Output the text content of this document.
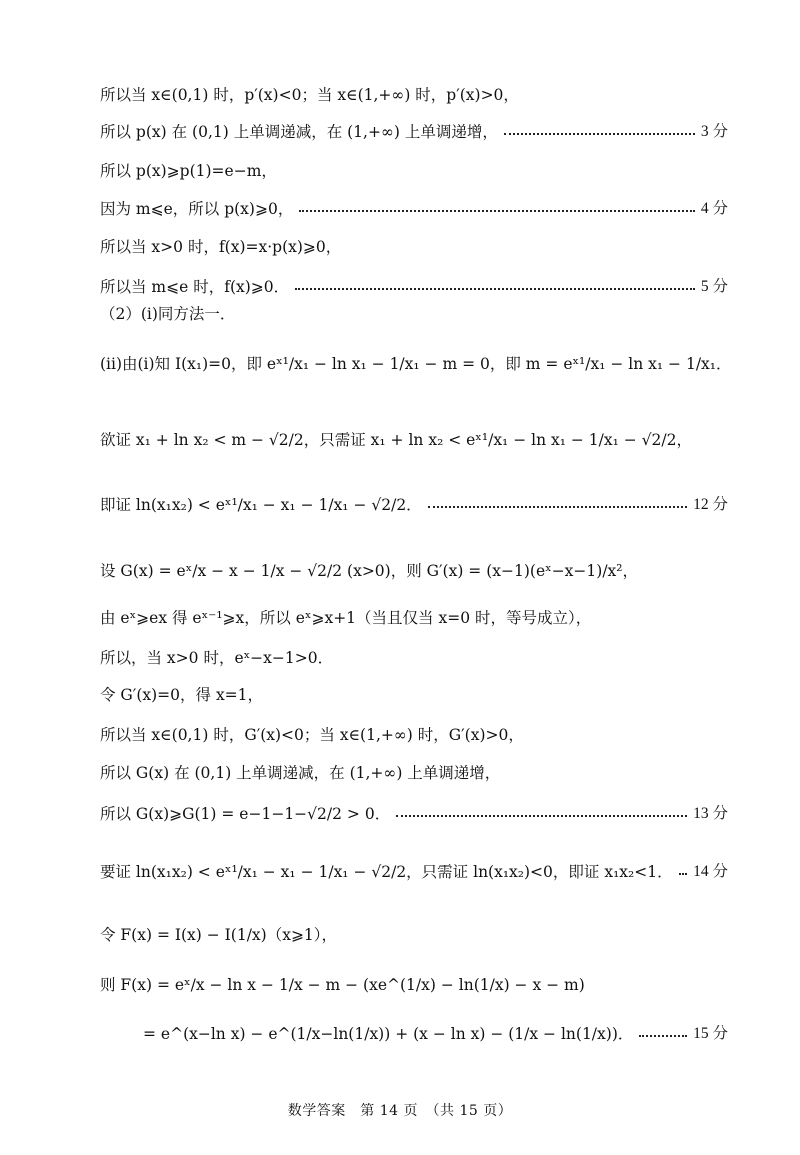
所以当 x∈(0,1) 时，p′(x)<0；当 x∈(1,+∞) 时，p′(x)>0，
所以 p(x) 在 (0,1) 上单调递减，在 (1,+∞) 上单调递增，	3 分
所以 p(x)⩾p(1)=e−m，
因为 m⩽e，所以 p(x)⩾0，	4 分
所以当 x>0 时，f(x)=x·p(x)⩾0，
所以当 m⩽e 时，f(x)⩾0．	5 分
（2）(i)同方法一．
(ii)由(i)知 I(x₁)=0，即 eˣ¹/x₁ − ln x₁ − 1/x₁ − m = 0，即 m = eˣ¹/x₁ − ln x₁ − 1/x₁．
欲证 x₁ + ln x₂ < m − √2/2，只需证 x₁ + ln x₂ < eˣ¹/x₁ − ln x₁ − 1/x₁ − √2/2，
即证 ln(x₁x₂) < eˣ¹/x₁ − x₁ − 1/x₁ − √2/2．	12 分
设 G(x) = eˣ/x − x − 1/x − √2/2 (x>0)，则 G′(x) = (x−1)(eˣ−x−1)/x²，
由 eˣ⩾ex 得 eˣ⁻¹⩾x，所以 eˣ⩾x+1（当且仅当 x=0 时，等号成立），
所以，当 x>0 时，eˣ−x−1>0．
令 G′(x)=0，得 x=1，
所以当 x∈(0,1) 时，G′(x)<0；当 x∈(1,+∞) 时，G′(x)>0，
所以 G(x) 在 (0,1) 上单调递减，在 (1,+∞) 上单调递增，
所以 G(x)⩾G(1) = e−1−1−√2/2 > 0．	13 分
要证 ln(x₁x₂) < eˣ¹/x₁ − x₁ − 1/x₁ − √2/2，只需证 ln(x₁x₂)<0，即证 x₁x₂<1． 14 分
令 F(x) = I(x) − I(1/x)（x⩾1），
则 F(x) = eˣ/x − ln x − 1/x − m − (xe^(1/x) − ln(1/x) − x − m)
= e^(x−ln x) − e^(1/x−ln(1/x)) + (x − ln x) − (1/x − ln(1/x))．	15 分
数学答案　第 14 页　（共 15 页）
